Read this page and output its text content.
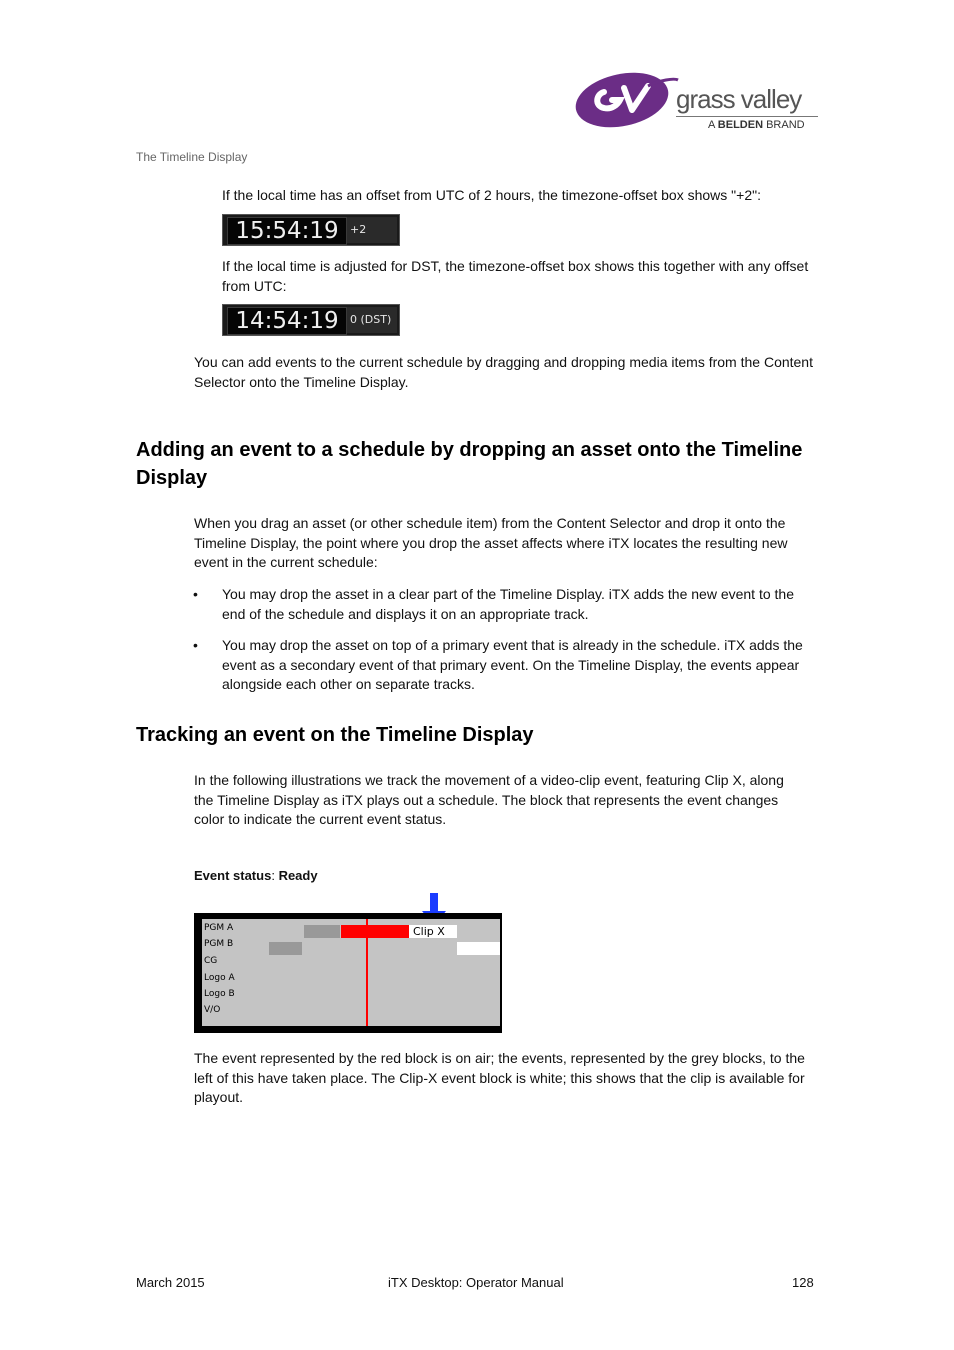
grass valley
A BELDEN BRAND
The Timeline Display
If the local time has an offset from UTC of 2 hours, the timezone-offset box shows "+2":
15:54:19	+2
If the local time is adjusted for DST, the timezone-offset box shows this together with any offset from UTC:
14:54:19	0 (DST)
You can add events to the current schedule by dragging and dropping media items from the Content Selector onto the Timeline Display.
Adding an event to a schedule by dropping an asset onto the Timeline Display
When you drag an asset (or other schedule item) from the Content Selector and drop it onto the Timeline Display, the point where you drop the asset affects where iTX locates the resulting new event in the current schedule:
• You may drop the asset in a clear part of the Timeline Display. iTX adds the new event to the end of the schedule and displays it on an appropriate track.
• You may drop the asset on top of a primary event that is already in the schedule. iTX adds the event as a secondary event of that primary event. On the Timeline Display, the events appear alongside each other on separate tracks.
Tracking an event on the Timeline Display
In the following illustrations we track the movement of a video-clip event, featuring Clip X, along the Timeline Display as iTX plays out a schedule. The block that represents the event changes color to indicate the current event status.
Event status: Ready
PGM A
PGM B
CG
Logo A
Logo B
V/O
Clip X
The event represented by the red block is on air; the events, represented by the grey blocks, to the left of this have taken place. The Clip-X event block is white; this shows that the clip is available for playout.
March 2015	iTX Desktop: Operator Manual	128
